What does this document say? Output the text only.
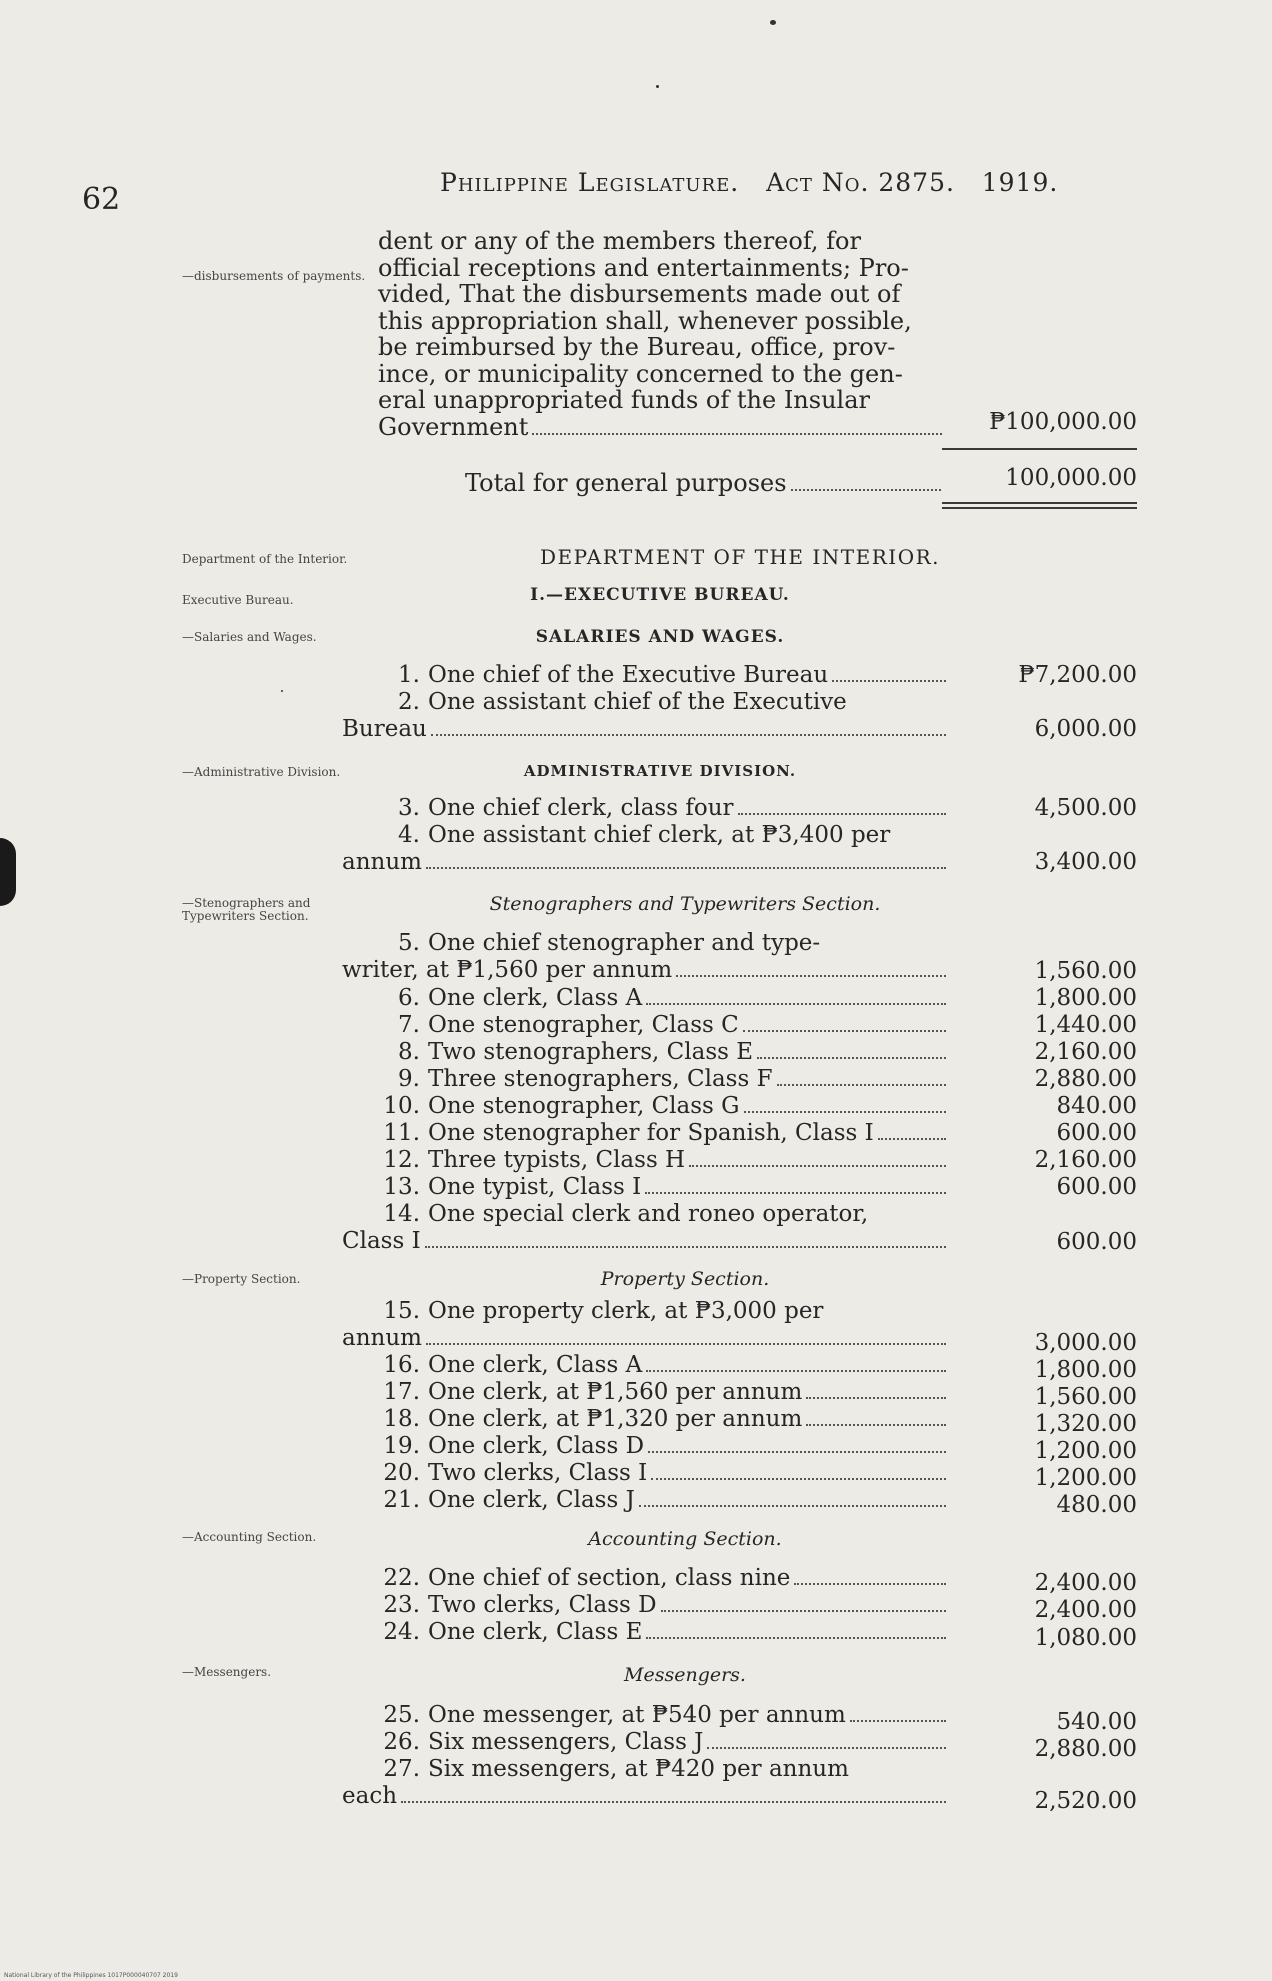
62	Philippine Legislature. Act No. 2875. 1919.
—disbursements of payments.
Department of the Interior.
Executive Bureau.
—Salaries and Wages.
—Administrative Division.
—Stenographers and Typewriters Section.
—Property Section.
—Accounting Section.
—Messengers.
dent or any of the members thereof, for
official receptions and entertainments; Pro-
vided, That the disbursements made out of
this appropriation shall, whenever possible,
be reimbursed by the Bureau, office, prov-
ince, or municipality concerned to the gen-
eral unappropriated funds of the Insular
Government	₱100,000.00
Total for general purposes	100,000.00
DEPARTMENT OF THE INTERIOR.
I.—EXECUTIVE BUREAU.
SALARIES AND WAGES.
1. One chief of the Executive Bureau	₱7,200.00
2. One assistant chief of the Executive
Bureau	6,000.00
ADMINISTRATIVE DIVISION.
3. One chief clerk, class four	4,500.00
4. One assistant chief clerk, at ₱3,400 per
annum	3,400.00
Stenographers and Typewriters Section.
5. One chief stenographer and type-
writer, at ₱1,560 per annum	1,560.00
6. One clerk, Class A	1,800.00
7. One stenographer, Class C	1,440.00
8. Two stenographers, Class E	2,160.00
9. Three stenographers, Class F	2,880.00
10. One stenographer, Class G	840.00
11. One stenographer for Spanish, Class I	600.00
12. Three typists, Class H	2,160.00
13. One typist, Class I	600.00
14. One special clerk and roneo operator,
Class I	600.00
Property Section.
15. One property clerk, at ₱3,000 per
annum	3,000.00
16. One clerk, Class A	1,800.00
17. One clerk, at ₱1,560 per annum	1,560.00
18. One clerk, at ₱1,320 per annum	1,320.00
19. One clerk, Class D	1,200.00
20. Two clerks, Class I	1,200.00
21. One clerk, Class J	480.00
Accounting Section.
22. One chief of section, class nine	2,400.00
23. Two clerks, Class D	2,400.00
24. One clerk, Class E	1,080.00
Messengers.
25. One messenger, at ₱540 per annum	540.00
26. Six messengers, Class J	2,880.00
27. Six messengers, at ₱420 per annum
each	2,520.00
National Library of the Philippines 1017P000040707 2019
